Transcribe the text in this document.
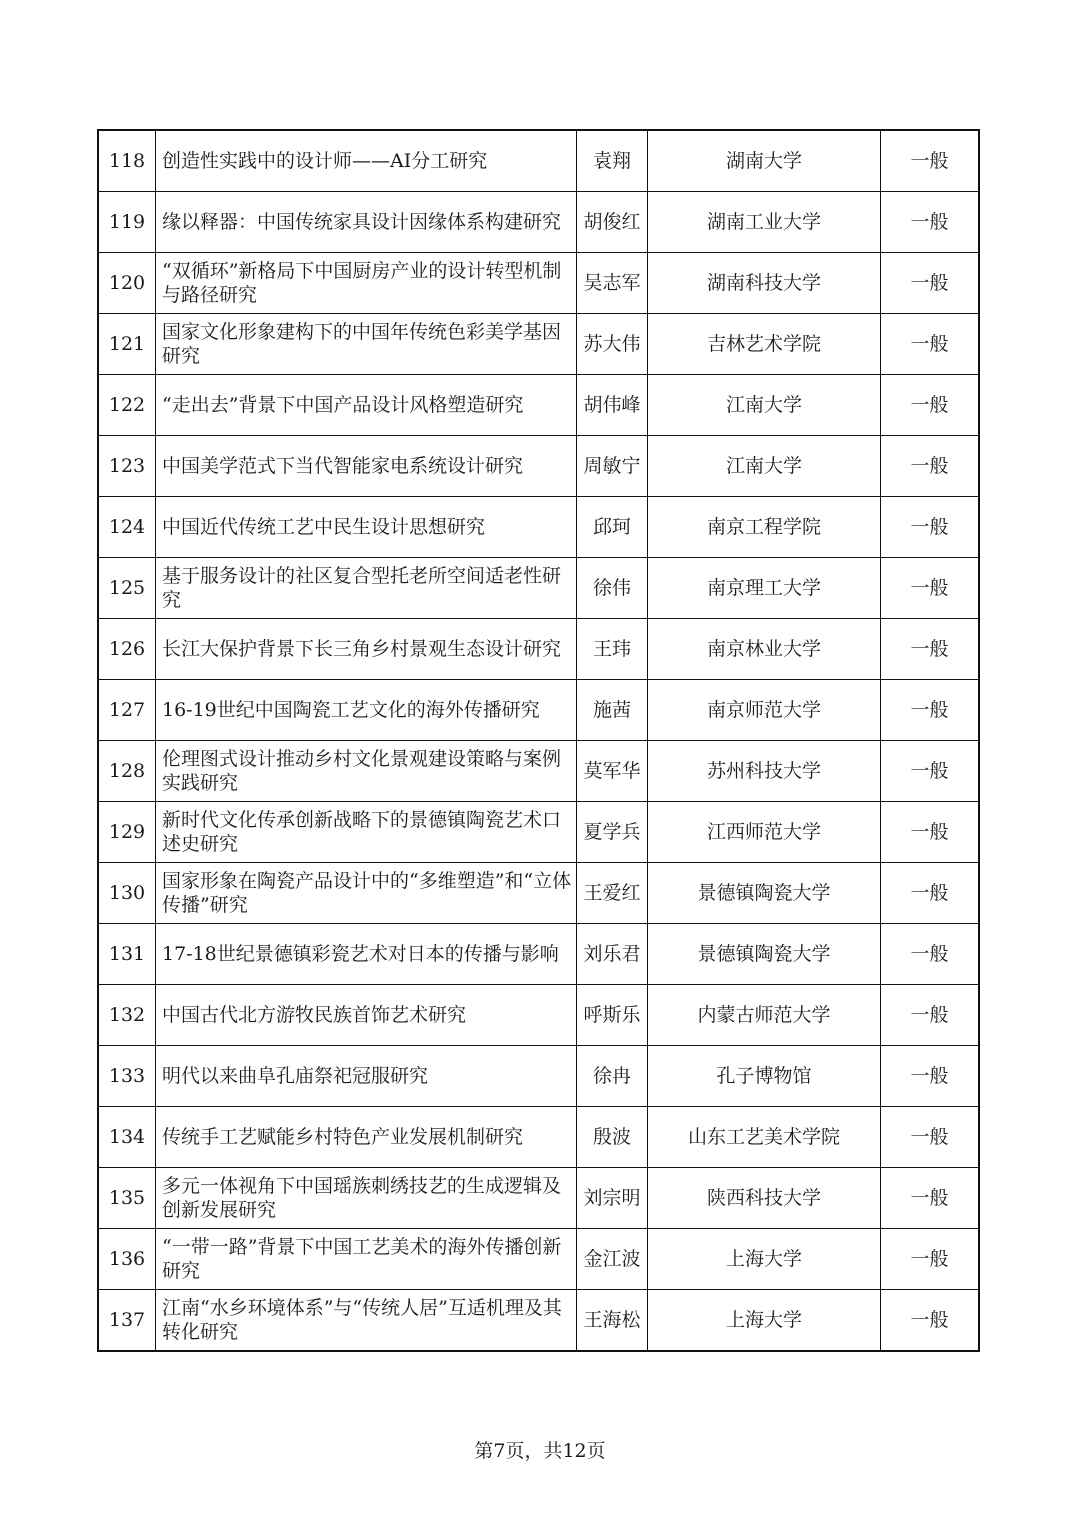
118	创造性实践中的设计师——AI分工研究	袁翔	湖南大学	一般
119	缘以释器：中国传统家具设计因缘体系构建研究	胡俊红	湖南工业大学	一般
120	“双循环”新格局下中国厨房产业的设计转型机制与路径研究	吴志军	湖南科技大学	一般
121	国家文化形象建构下的中国年传统色彩美学基因研究	苏大伟	吉林艺术学院	一般
122	“走出去”背景下中国产品设计风格塑造研究	胡伟峰	江南大学	一般
123	中国美学范式下当代智能家电系统设计研究	周敏宁	江南大学	一般
124	中国近代传统工艺中民生设计思想研究	邱珂	南京工程学院	一般
125	基于服务设计的社区复合型托老所空间适老性研究	徐伟	南京理工大学	一般
126	长江大保护背景下长三角乡村景观生态设计研究	王玮	南京林业大学	一般
127	16-19世纪中国陶瓷工艺文化的海外传播研究	施茜	南京师范大学	一般
128	伦理图式设计推动乡村文化景观建设策略与案例实践研究	莫军华	苏州科技大学	一般
129	新时代文化传承创新战略下的景德镇陶瓷艺术口述史研究	夏学兵	江西师范大学	一般
130	国家形象在陶瓷产品设计中的“多维塑造”和“立体传播”研究	王爱红	景德镇陶瓷大学	一般
131	17-18世纪景德镇彩瓷艺术对日本的传播与影响	刘乐君	景德镇陶瓷大学	一般
132	中国古代北方游牧民族首饰艺术研究	呼斯乐	内蒙古师范大学	一般
133	明代以来曲阜孔庙祭祀冠服研究	徐冉	孔子博物馆	一般
134	传统手工艺赋能乡村特色产业发展机制研究	殷波	山东工艺美术学院	一般
135	多元一体视角下中国瑶族刺绣技艺的生成逻辑及创新发展研究	刘宗明	陕西科技大学	一般
136	“一带一路”背景下中国工艺美术的海外传播创新研究	金江波	上海大学	一般
137	江南“水乡环境体系”与“传统人居”互适机理及其转化研究	王海松	上海大学	一般
第7页，共12页
